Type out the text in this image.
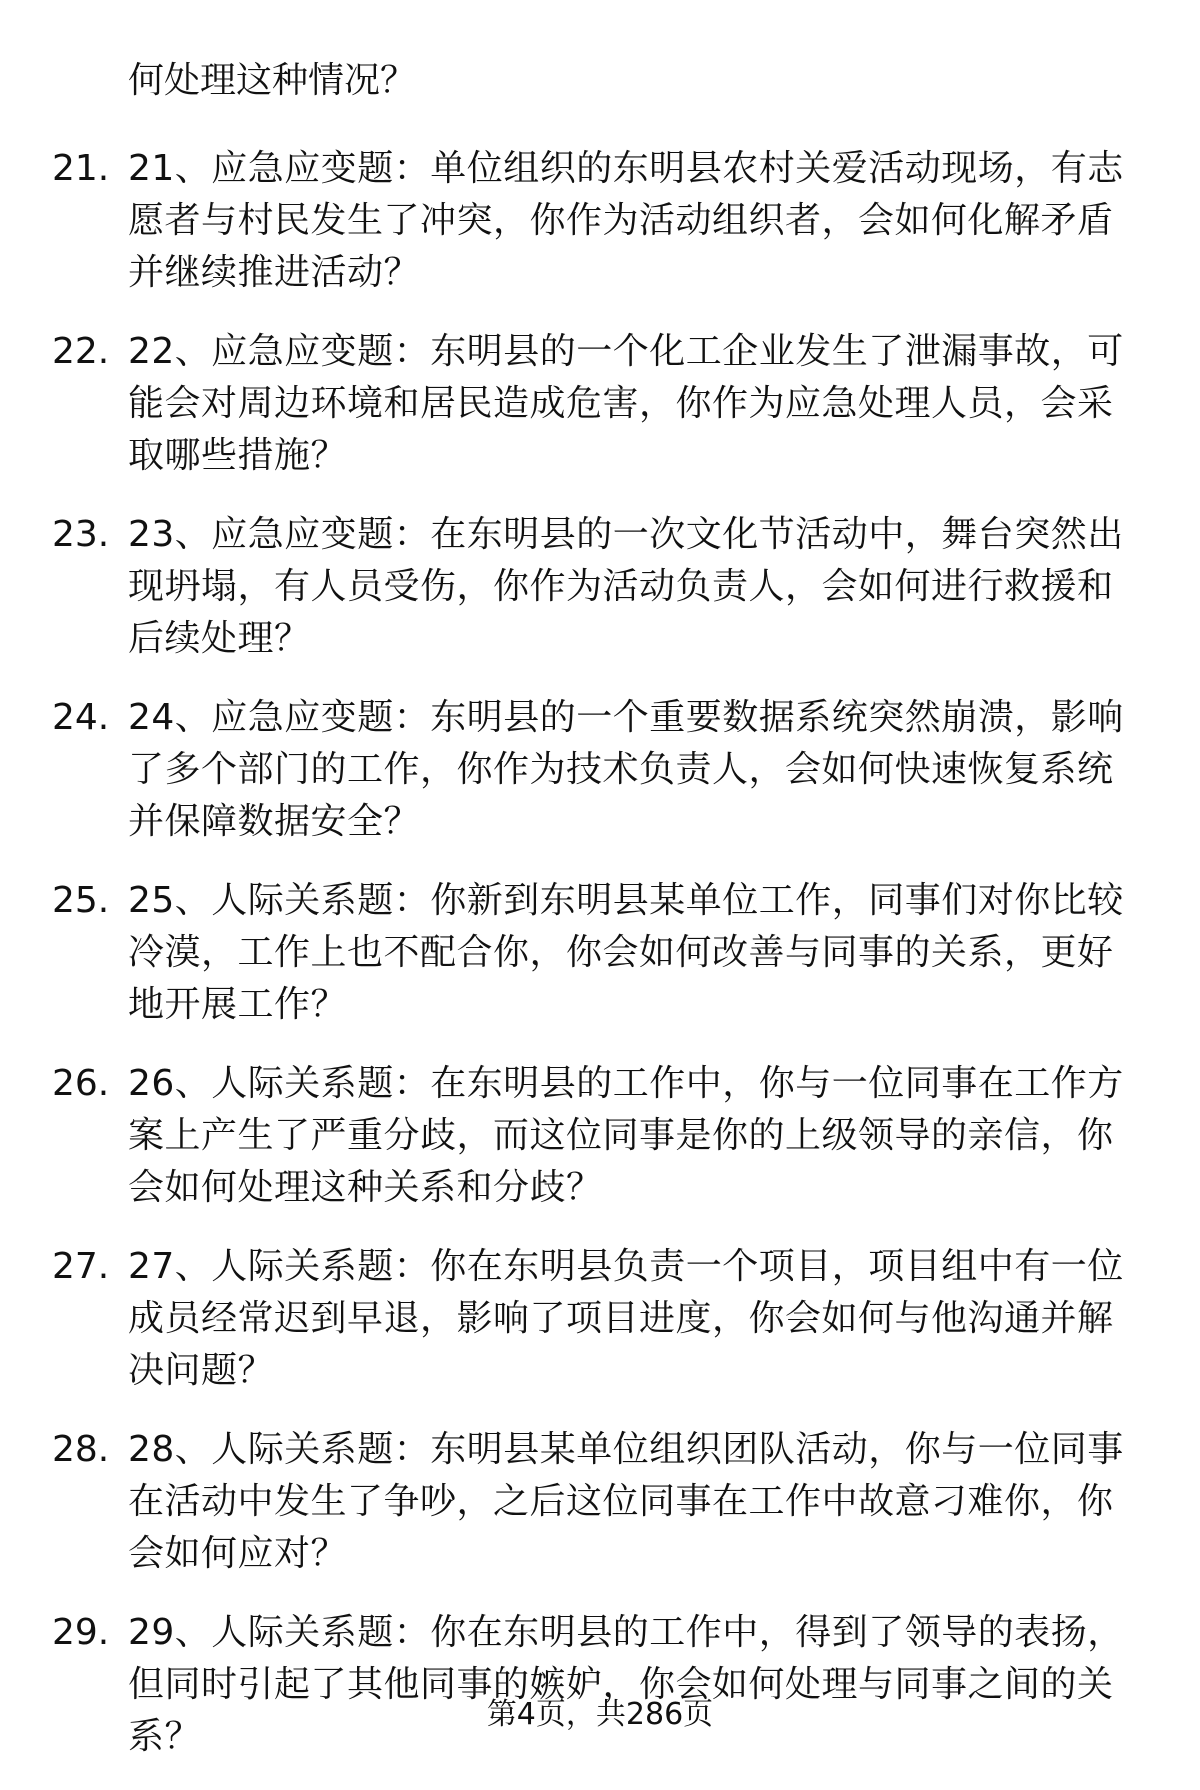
何处理这种情况？
21. 21、应急应变题：单位组织的东明县农村关爱活动现场，有志愿者与村民发生了冲突，你作为活动组织者，会如何化解矛盾并继续推进活动？
22. 22、应急应变题：东明县的一个化工企业发生了泄漏事故，可能会对周边环境和居民造成危害，你作为应急处理人员，会采取哪些措施？
23. 23、应急应变题：在东明县的一次文化节活动中，舞台突然出现坍塌，有人员受伤，你作为活动负责人，会如何进行救援和后续处理？
24. 24、应急应变题：东明县的一个重要数据系统突然崩溃，影响了多个部门的工作，你作为技术负责人，会如何快速恢复系统并保障数据安全？
25. 25、人际关系题：你新到东明县某单位工作，同事们对你比较冷漠，工作上也不配合你，你会如何改善与同事的关系，更好地开展工作？
26. 26、人际关系题：在东明县的工作中，你与一位同事在工作方案上产生了严重分歧，而这位同事是你的上级领导的亲信，你会如何处理这种关系和分歧？
27. 27、人际关系题：你在东明县负责一个项目，项目组中有一位成员经常迟到早退，影响了项目进度，你会如何与他沟通并解决问题？
28. 28、人际关系题：东明县某单位组织团队活动，你与一位同事在活动中发生了争吵，之后这位同事在工作中故意刁难你，你会如何应对？
29. 29、人际关系题：你在东明县的工作中，得到了领导的表扬，但同时引起了其他同事的嫉妒，你会如何处理与同事之间的关系？
第4页，共286页
